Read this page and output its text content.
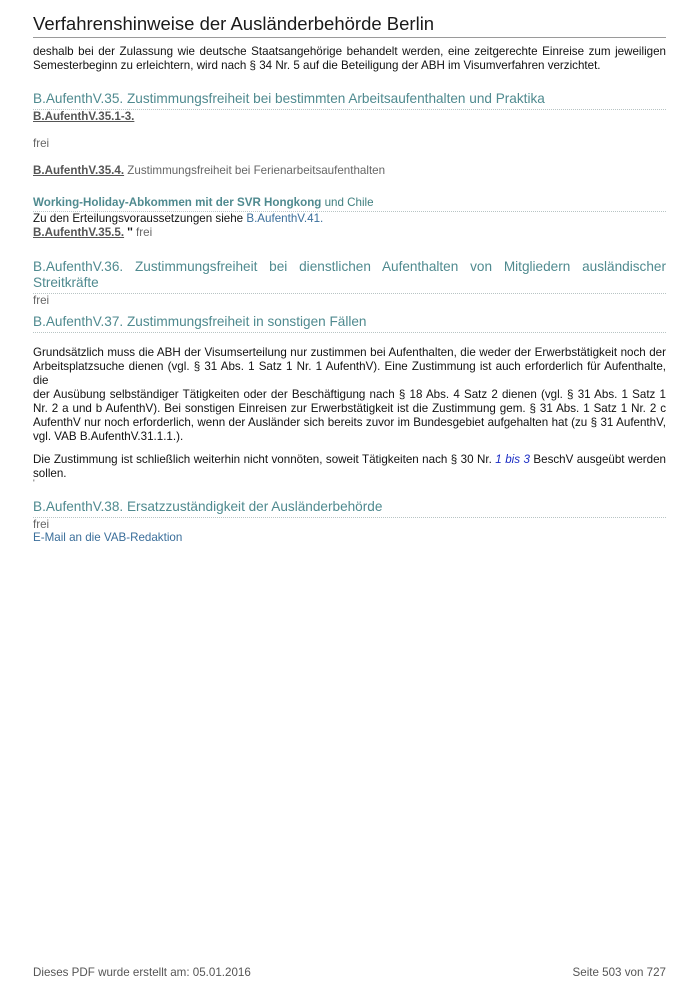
Verfahrenshinweise der Ausländerbehörde Berlin
deshalb bei der Zulassung wie deutsche Staatsangehörige behandelt werden, eine zeitgerechte Einreise zum jeweiligen
Semesterbeginn zu erleichtern, wird nach § 34 Nr. 5 auf die Beteiligung der ABH im Visumverfahren verzichtet.
B.AufenthV.35. Zustimmungsfreiheit bei bestimmten Arbeitsaufenthalten und Praktika
B.AufenthV.35.1-3.
frei
B.AufenthV.35.4. Zustimmungsfreiheit bei Ferienarbeitsaufenthalten
Working-Holiday-Abkommen mit der SVR Hongkong und Chile
Zu den Erteilungsvoraussetzungen siehe B.AufenthV.41.
B.AufenthV.35.5. '' frei
B.AufenthV.36. Zustimmungsfreiheit bei dienstlichen Aufenthalten von Mitgliedern ausländischer
Streitkräfte
frei
B.AufenthV.37. Zustimmungsfreiheit in sonstigen Fällen
Grundsätzlich muss die ABH der Visumserteilung nur zustimmen bei Aufenthalten, die weder der Erwerbstätigkeit noch der
Arbeitsplatzsuche dienen (vgl. § 31 Abs. 1 Satz 1 Nr. 1 AufenthV). Eine Zustimmung ist auch erforderlich für Aufenthalte, die
der Ausübung selbständiger Tätigkeiten oder der Beschäftigung nach § 18 Abs. 4 Satz 2 dienen (vgl. § 31 Abs. 1 Satz 1
Nr. 2 a und b AufenthV). Bei sonstigen Einreisen zur Erwerbstätigkeit ist die Zustimmung gem. § 31 Abs. 1 Satz 1 Nr. 2 c
AufenthV nur noch erforderlich, wenn der Ausländer sich bereits zuvor im Bundesgebiet aufgehalten hat (zu § 31 AufenthV,
vgl. VAB B.AufenthV.31.1.1.).
Die Zustimmung ist schließlich weiterhin nicht vonnöten, soweit Tätigkeiten nach § 30 Nr. 1 bis 3 BeschV ausgeübt werden
sollen.
'
B.AufenthV.38. Ersatzzuständigkeit der Ausländerbehörde
frei
E-Mail an die VAB-Redaktion
Dieses PDF wurde erstellt am: 05.01.2016	Seite 503 von 727
